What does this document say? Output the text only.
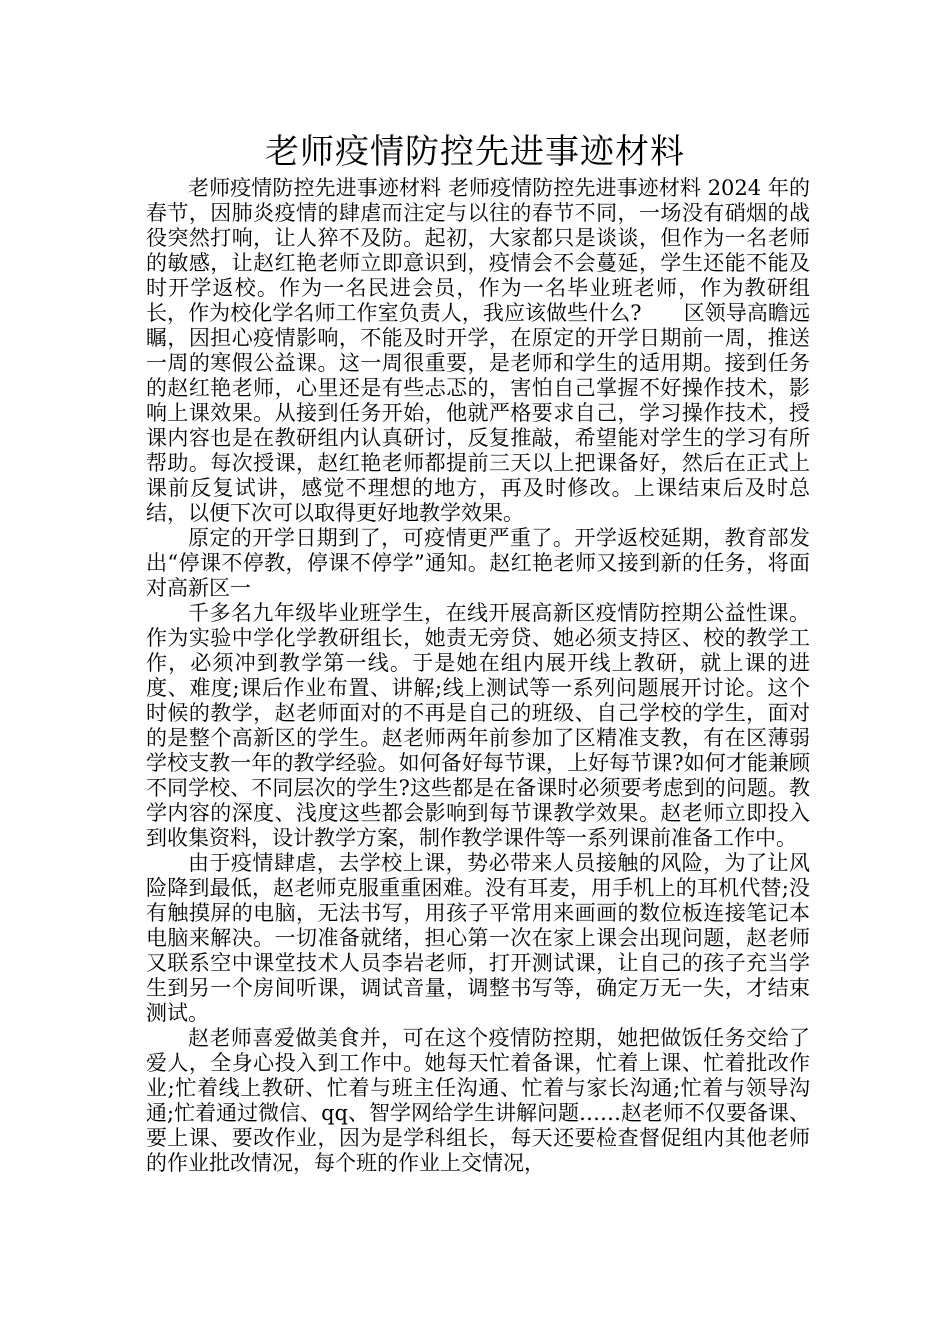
老师疫情防控先进事迹材料

老师疫情防控先进事迹材料 老师疫情防控先进事迹材料 2024 年的春节，因肺炎疫情的肆虐而注定与以往的春节不同，一场没有硝烟的战役突然打响，让人猝不及防。起初，大家都只是谈谈，但作为一名老师的敏感，让赵红艳老师立即意识到，疫情会不会蔓延，学生还能不能及时开学返校。作为一名民进会员，作为一名毕业班老师，作为教研组长，作为校化学名师工作室负责人，我应该做些什么?　　区领导高瞻远瞩，因担心疫情影响，不能及时开学，在原定的开学日期前一周，推送一周的寒假公益课。这一周很重要，是老师和学生的适用期。接到任务的赵红艳老师，心里还是有些忐忑的，害怕自己掌握不好操作技术，影响上课效果。从接到任务开始，他就严格要求自己，学习操作技术，授课内容也是在教研组内认真研讨，反复推敲，希望能对学生的学习有所帮助。每次授课，赵红艳老师都提前三天以上把课备好，然后在正式上课前反复试讲，感觉不理想的地方，再及时修改。上课结束后及时总结，以便下次可以取得更好地教学效果。

原定的开学日期到了，可疫情更严重了。开学返校延期，教育部发出“停课不停教，停课不停学”通知。赵红艳老师又接到新的任务，将面对高新区一

千多名九年级毕业班学生，在线开展高新区疫情防控期公益性课。作为实验中学化学教研组长，她责无旁贷、她必须支持区、校的教学工作，必须冲到教学第一线。于是她在组内展开线上教研，就上课的进度、难度;课后作业布置、讲解;线上测试等一系列问题展开讨论。这个时候的教学，赵老师面对的不再是自己的班级、自己学校的学生，面对的是整个高新区的学生。赵老师两年前参加了区精准支教，有在区薄弱学校支教一年的教学经验。如何备好每节课，上好每节课?如何才能兼顾不同学校、不同层次的学生?这些都是在备课时必须要考虑到的问题。教学内容的深度、浅度这些都会影响到每节课教学效果。赵老师立即投入到收集资料，设计教学方案，制作教学课件等一系列课前准备工作中。

由于疫情肆虐，去学校上课，势必带来人员接触的风险，为了让风险降到最低，赵老师克服重重困难。没有耳麦，用手机上的耳机代替;没有触摸屏的电脑，无法书写，用孩子平常用来画画的数位板连接笔记本电脑来解决。一切准备就绪，担心第一次在家上课会出现问题，赵老师又联系空中课堂技术人员李岩老师，打开测试课，让自己的孩子充当学生到另一个房间听课，调试音量，调整书写等，确定万无一失，才结束测试。

赵老师喜爱做美食并，可在这个疫情防控期，她把做饭任务交给了爱人，全身心投入到工作中。她每天忙着备课，忙着上课、忙着批改作业;忙着线上教研、忙着与班主任沟通、忙着与家长沟通;忙着与领导沟通;忙着通过微信、qq、智学网给学生讲解问题……赵老师不仅要备课、要上课、要改作业，因为是学科组长，每天还要检查督促组内其他老师的作业批改情况，每个班的作业上交情况，
